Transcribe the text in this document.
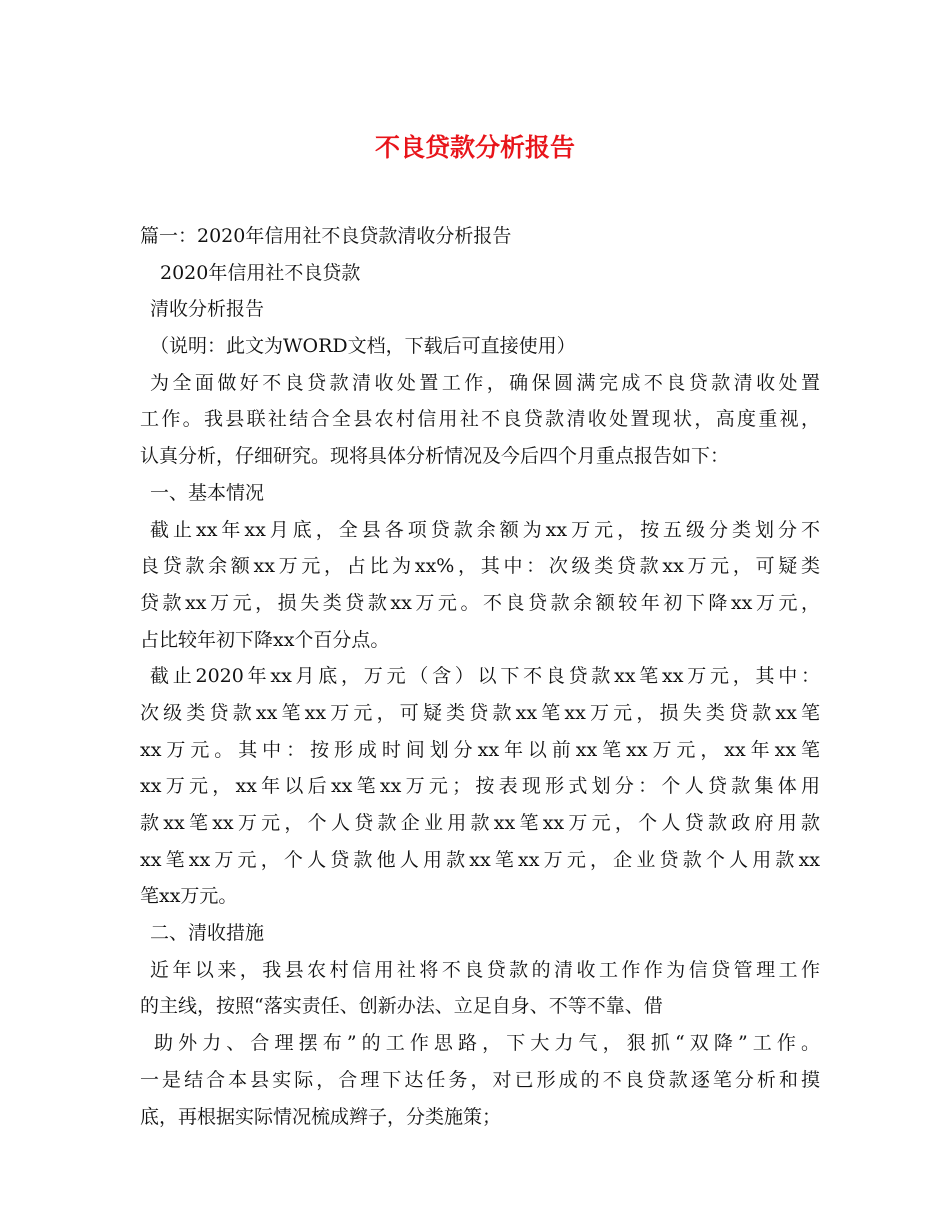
不良贷款分析报告
篇一：2020年信用社不良贷款清收分析报告
2020年信用社不良贷款
清收分析报告
（说明：此文为WORD文档，下载后可直接使用）
为全面做好不良贷款清收处置工作，确保圆满完成不良贷款清收处置
工作。我县联社结合全县农村信用社不良贷款清收处置现状，高度重视，
认真分析，仔细研究。现将具体分析情况及今后四个月重点报告如下：
一、基本情况
截止xx年xx月底，全县各项贷款余额为xx万元，按五级分类划分不
良贷款余额xx万元，占比为xx%，其中：次级类贷款xx万元，可疑类
贷款xx万元，损失类贷款xx万元。不良贷款余额较年初下降xx万元，
占比较年初下降xx个百分点。
截止2020年xx月底，万元（含）以下不良贷款xx笔xx万元，其中：
次级类贷款xx笔xx万元，可疑类贷款xx笔xx万元，损失类贷款xx笔
xx万元。其中：按形成时间划分xx年以前xx笔xx万元，xx年xx笔
xx万元，xx年以后xx笔xx万元；按表现形式划分：个人贷款集体用
款xx笔xx万元，个人贷款企业用款xx笔xx万元，个人贷款政府用款
xx笔xx万元，个人贷款他人用款xx笔xx万元，企业贷款个人用款xx
笔xx万元。
二、清收措施
近年以来，我县农村信用社将不良贷款的清收工作作为信贷管理工作
的主线，按照“落实责任、创新办法、立足自身、不等不靠、借
助外力、合理摆布”的工作思路，下大力气，狠抓“双降”工作。
一是结合本县实际，合理下达任务，对已形成的不良贷款逐笔分析和摸
底，再根据实际情况梳成辫子，分类施策；
